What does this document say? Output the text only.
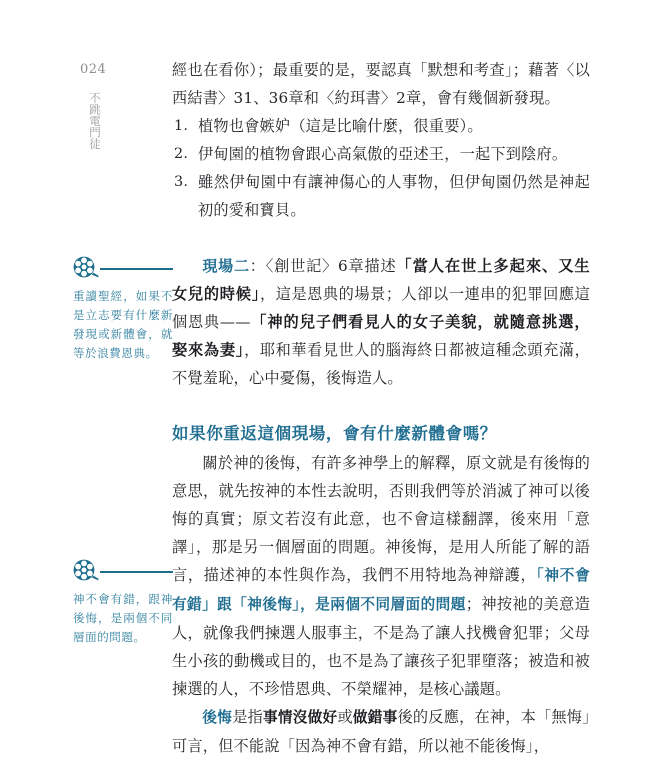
024
不跳電門徒
重讀聖經，如果不是立志要有什麼新發現或新體會，就等於浪費恩典。
神不會有錯，跟神後悔，是兩個不同層面的問題。

經也在看你）；最重要的是，要認真「默想和考查」；藉著〈以西結書〉31、36章和〈約珥書〉2章，會有幾個新發現。

1. 植物也會嫉妒（這是比喻什麼，很重要）。
2. 伊甸園的植物會跟心高氣傲的亞述王，一起下到陰府。
3. 雖然伊甸園中有讓神傷心的人事物，但伊甸園仍然是神起初的愛和寶貝。

現場二：〈創世記〉6章描述「當人在世上多起來、又生女兒的時候」，這是恩典的場景；人卻以一連串的犯罪回應這個恩典——「神的兒子們看見人的女子美貌，就隨意挑選，娶來為妻」，耶和華看見世人的腦海終日都被這種念頭充滿，不覺羞恥，心中憂傷，後悔造人。

如果你重返這個現場，會有什麼新體會嗎？

關於神的後悔，有許多神學上的解釋，原文就是有後悔的意思，就先按神的本性去說明，否則我們等於消滅了神可以後悔的真實；原文若沒有此意，也不會這樣翻譯，後來用「意譯」，那是另一個層面的問題。神後悔，是用人所能了解的語言，描述神的本性與作為，我們不用特地為神辯護，「神不會有錯」跟「神後悔」，是兩個不同層面的問題；神按祂的美意造人，就像我們揀選人服事主，不是為了讓人找機會犯罪；父母生小孩的動機或目的，也不是為了讓孩子犯罪墮落；被造和被揀選的人，不珍惜恩典、不榮耀神，是核心議題。

後悔是指事情沒做好或做錯事後的反應，在神，本「無悔」可言，但不能說「因為神不會有錯，所以祂不能後悔」，
